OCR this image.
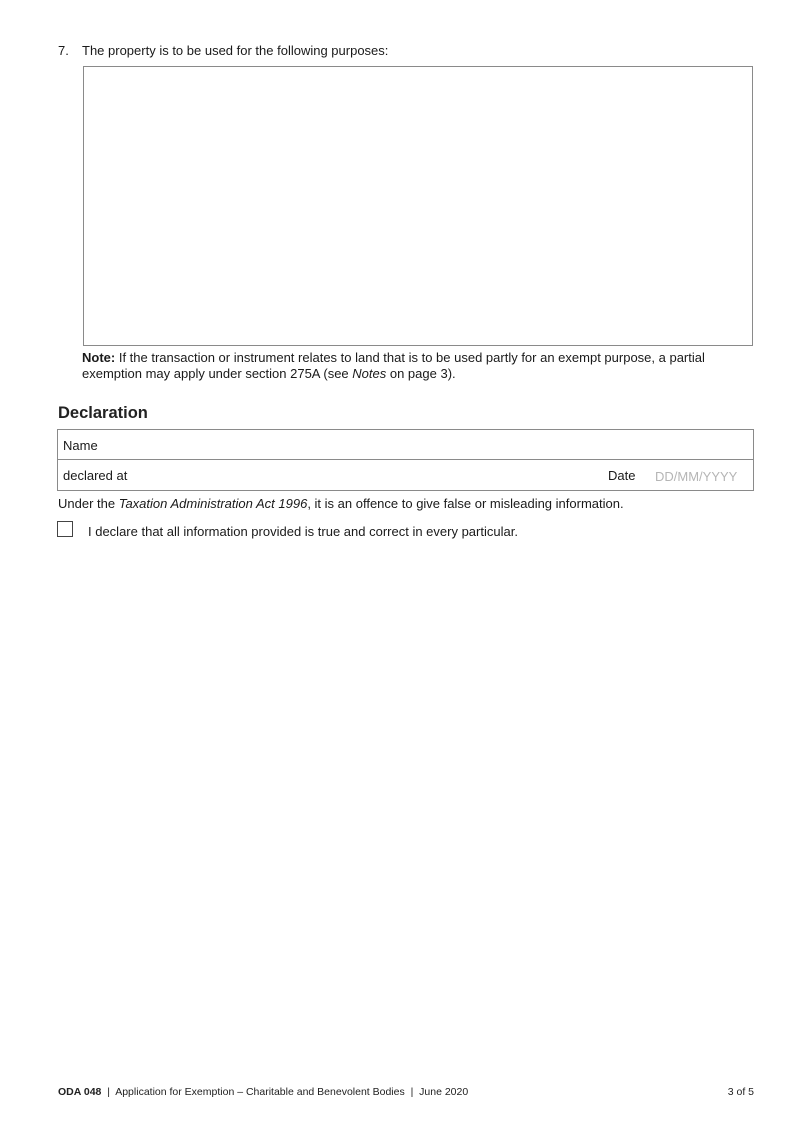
7. The property is to be used for the following purposes:
Note: If the transaction or instrument relates to land that is to be used partly for an exempt purpose, a partial exemption may apply under section 275A (see Notes on page 3).
Declaration
Name
declared at	Date
DD/MM/YYYY
Under the Taxation Administration Act 1996, it is an offence to give false or misleading information.
I declare that all information provided is true and correct in every particular.
ODA 048  |  Application for Exemption – Charitable and Benevolent Bodies  |  June 2020	3 of 5
